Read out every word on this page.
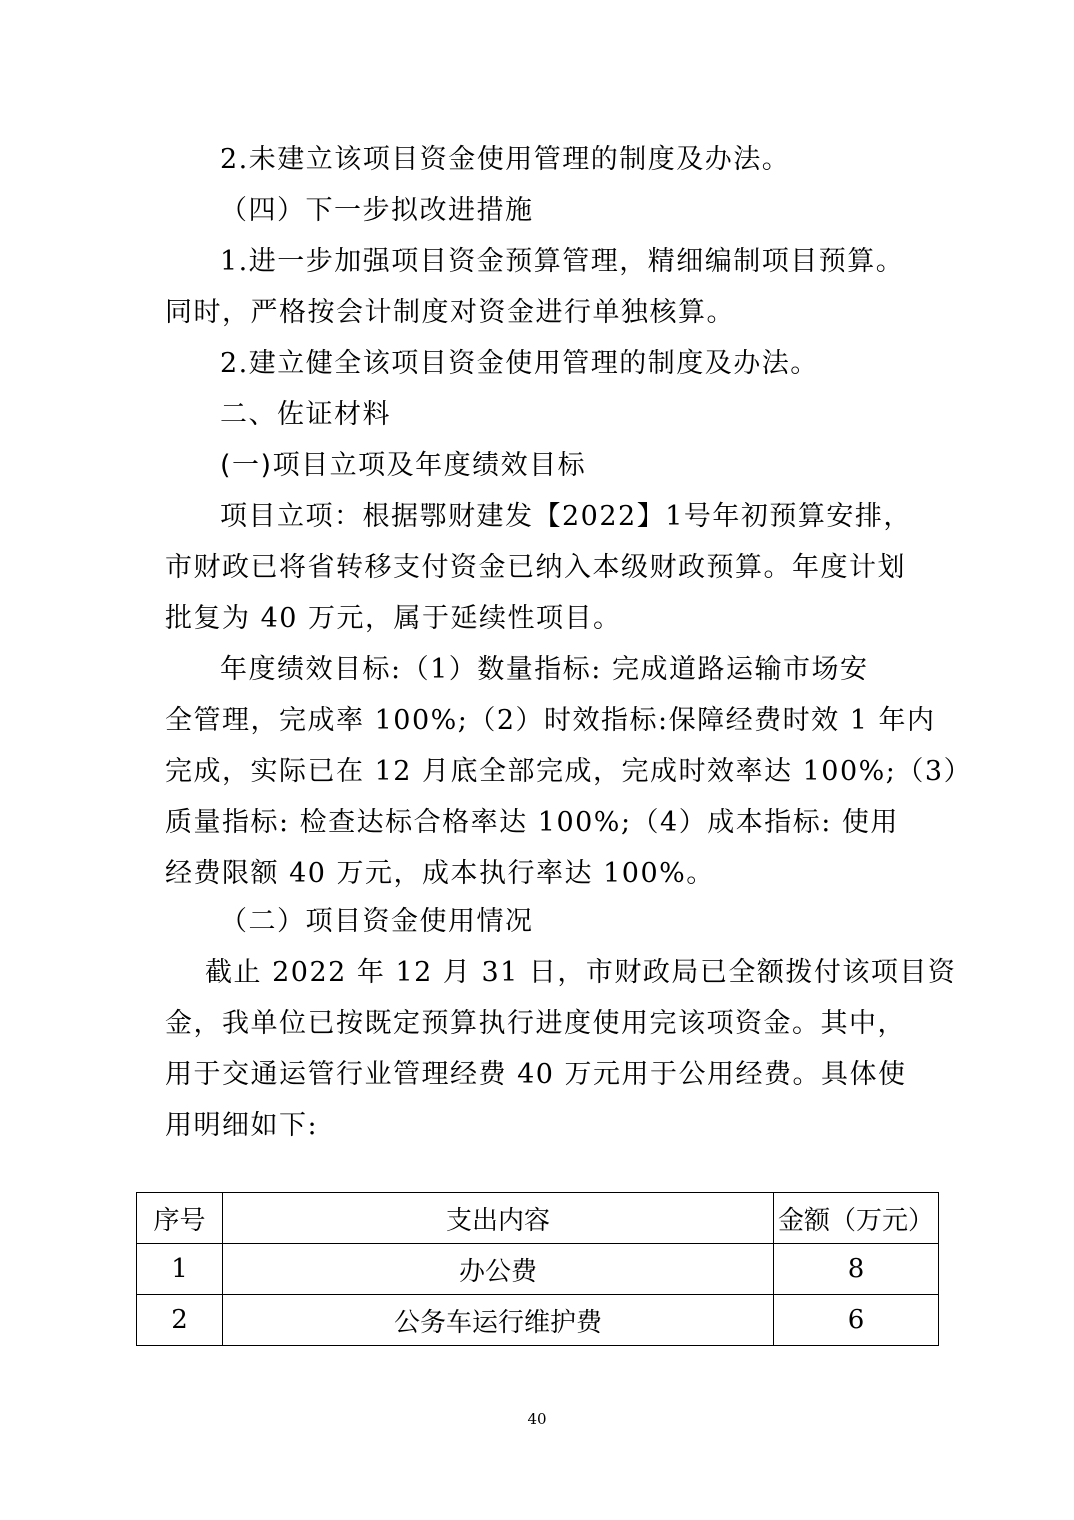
2.未建立该项目资金使用管理的制度及办法。
（四）下一步拟改进措施
1.进一步加强项目资金预算管理，精细编制项目预算。
同时，严格按会计制度对资金进行单独核算。
2.建立健全该项目资金使用管理的制度及办法。
二、佐证材料
(一)项目立项及年度绩效目标
项目立项：根据鄂财建发【2022】1号年初预算安排，
市财政已将省转移支付资金已纳入本级财政预算。年度计划
批复为 40 万元，属于延续性项目。
年度绩效目标:（1）数量指标: 完成道路运输市场安
全管理，完成率 100%;（2）时效指标:保障经费时效 1 年内
完成，实际已在 12 月底全部完成，完成时效率达 100%;（3）
质量指标: 检查达标合格率达 100%;（4）成本指标: 使用
经费限额 40 万元，成本执行率达 100%。
（二）项目资金使用情况
截止 2022 年 12 月 31 日，市财政局已全额拨付该项目资
金，我单位已按既定预算执行进度使用完该项资金。其中，
用于交通运管行业管理经费 40 万元用于公用经费。具体使
用明细如下:
序号	支出内容	金额（万元）
1	办公费	8
2	公务车运行维护费	6
40
